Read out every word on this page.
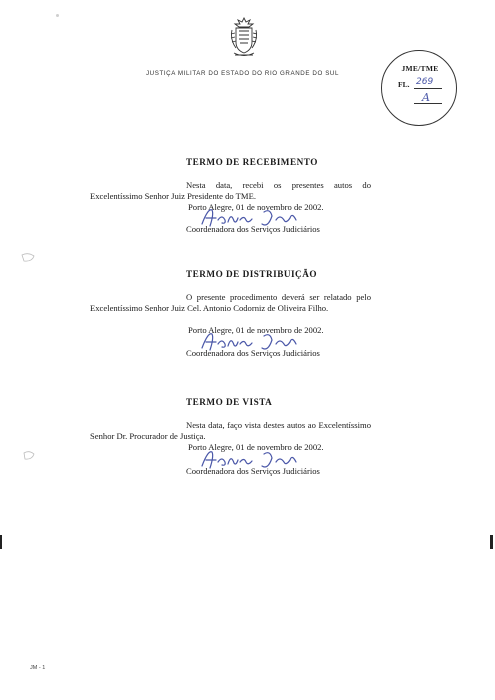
JUSTIÇA MILITAR DO ESTADO DO RIO GRANDE DO SUL
JME/TME
FL. 269
A
TERMO DE RECEBIMENTO
Nesta data, recebi os presentes autos do Excelentíssimo Senhor Juiz Presidente do TME.
Porto Alegre, 01 de novembro de 2002.
Coordenadora dos Serviços Judiciários
TERMO DE DISTRIBUIÇÃO
O presente procedimento deverá ser relatado pelo Excelentíssimo Senhor Juiz Cel. Antonio Codorniz de Oliveira Filho.
Porto Alegre, 01 de novembro de 2002.
Coordenadora dos Serviços Judiciários
TERMO DE VISTA
Nesta data, faço vista destes autos ao Excelentíssimo Senhor Dr. Procurador de Justiça.
Porto Alegre, 01 de novembro de 2002.
Coordenadora dos Serviços Judiciários
JM - 1
